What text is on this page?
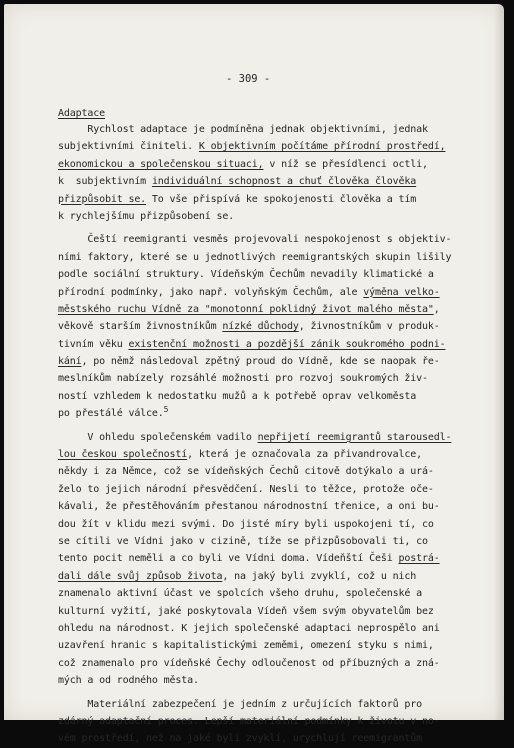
- 309 -
Adaptace
Rychlost adaptace je podmíněna jednak objektivními, jednak
subjektivními činiteli. K objektivním počítáme přírodní prostředí,
ekonomickou a společenskou situaci, v níž se přesídlenci octli,
k  subjektivním individuální schopnost a chuť člověka člověka
přizpůsobit se. To vše přispívá ke spokojenosti člověka a tím
k rychlejšímu přizpůsobení se.
Čeští reemigranti vesměs projevovali nespokojenost s objektiv-
ními faktory, které se u jednotlivých reemigrantských skupin lišily
podle sociální struktury. Vídeňským Čechům nevadily klimatické a
přírodní podmínky, jako např. volyňským Čechům, ale výměna velko-
městského ruchu Vídně za "monotonní poklidný život malého města",
věkově starším živnostníkům nízké důchody, živnostníkům v produk-
tivním věku existenční možnosti a pozdější zánik soukromého podni-
kání, po němž následoval zpětný proud do Vídně, kde se naopak ře-
meslníkům nabízely rozsáhlé možnosti pro rozvoj soukromých živ-
ností vzhledem k nedostatku mužů a k potřebě oprav velkoměsta
po přestálé válce.$^5$
V ohledu společenském vadilo nepřijetí reemigrantů starousedl-
lou českou společností, která je označovala za přivandrovalce,
někdy i za Němce, což se vídeňských Čechů citově dotýkalo a urá-
želo to jejich národní přesvědčení. Nesli to těžce, protože oče-
kávali, že přestěhováním přestanou národnostní třenice, a oni bu-
dou žít v klidu mezi svými. Do jisté míry byli uspokojeni tí, co
se cítili ve Vídni jako v cizině, tíže se přizpůsobovali ti, co
tento pocit neměli a co byli ve Vídni doma. Vídeňští Češi postrá-
dali dále svůj způsob života, na jaký byli zvyklí, což u nich
znamenalo aktivní účast ve spolcích všeho druhu, společenské a
kulturní vyžití, jaké poskytovala Vídeň všem svým obyvatelům bez
ohledu na národnost. K jejich společenské adaptaci neprospělo ani
uzavření hranic s kapitalistickými zeměmi, omezení styku s nimi,
což znamenalo pro vídeňské Čechy odloučenost od příbuzných a zná-
mých a od rodného města.
Materiální zabezpečení je jedním z určujících faktorů pro
zdárný adaptační proces. Lepší materiální podmínky k životu v no-
vém prostředí, než na jaké byli zvyklí, urychlují reemigrantům
